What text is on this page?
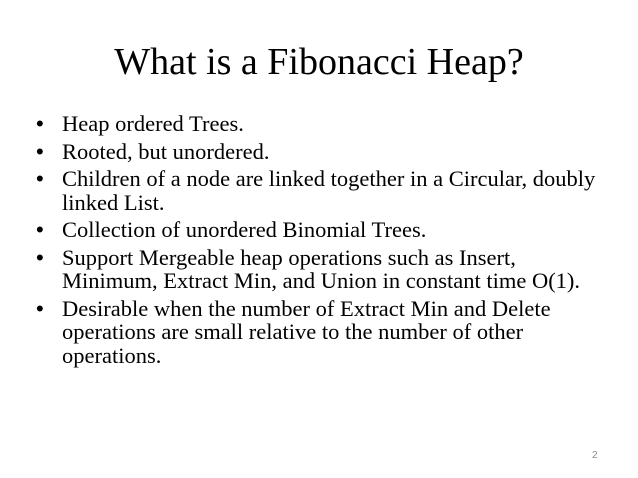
What is a Fibonacci Heap?
• Heap ordered Trees.
• Rooted, but unordered.
• Children of a node are linked together in a Circular, doubly linked List.
• Collection of unordered Binomial Trees.
• Support Mergeable heap operations such as Insert, Minimum, Extract Min, and Union in constant time O(1).
• Desirable when the number of Extract Min and Delete operations are small relative to the number of other operations.
2
